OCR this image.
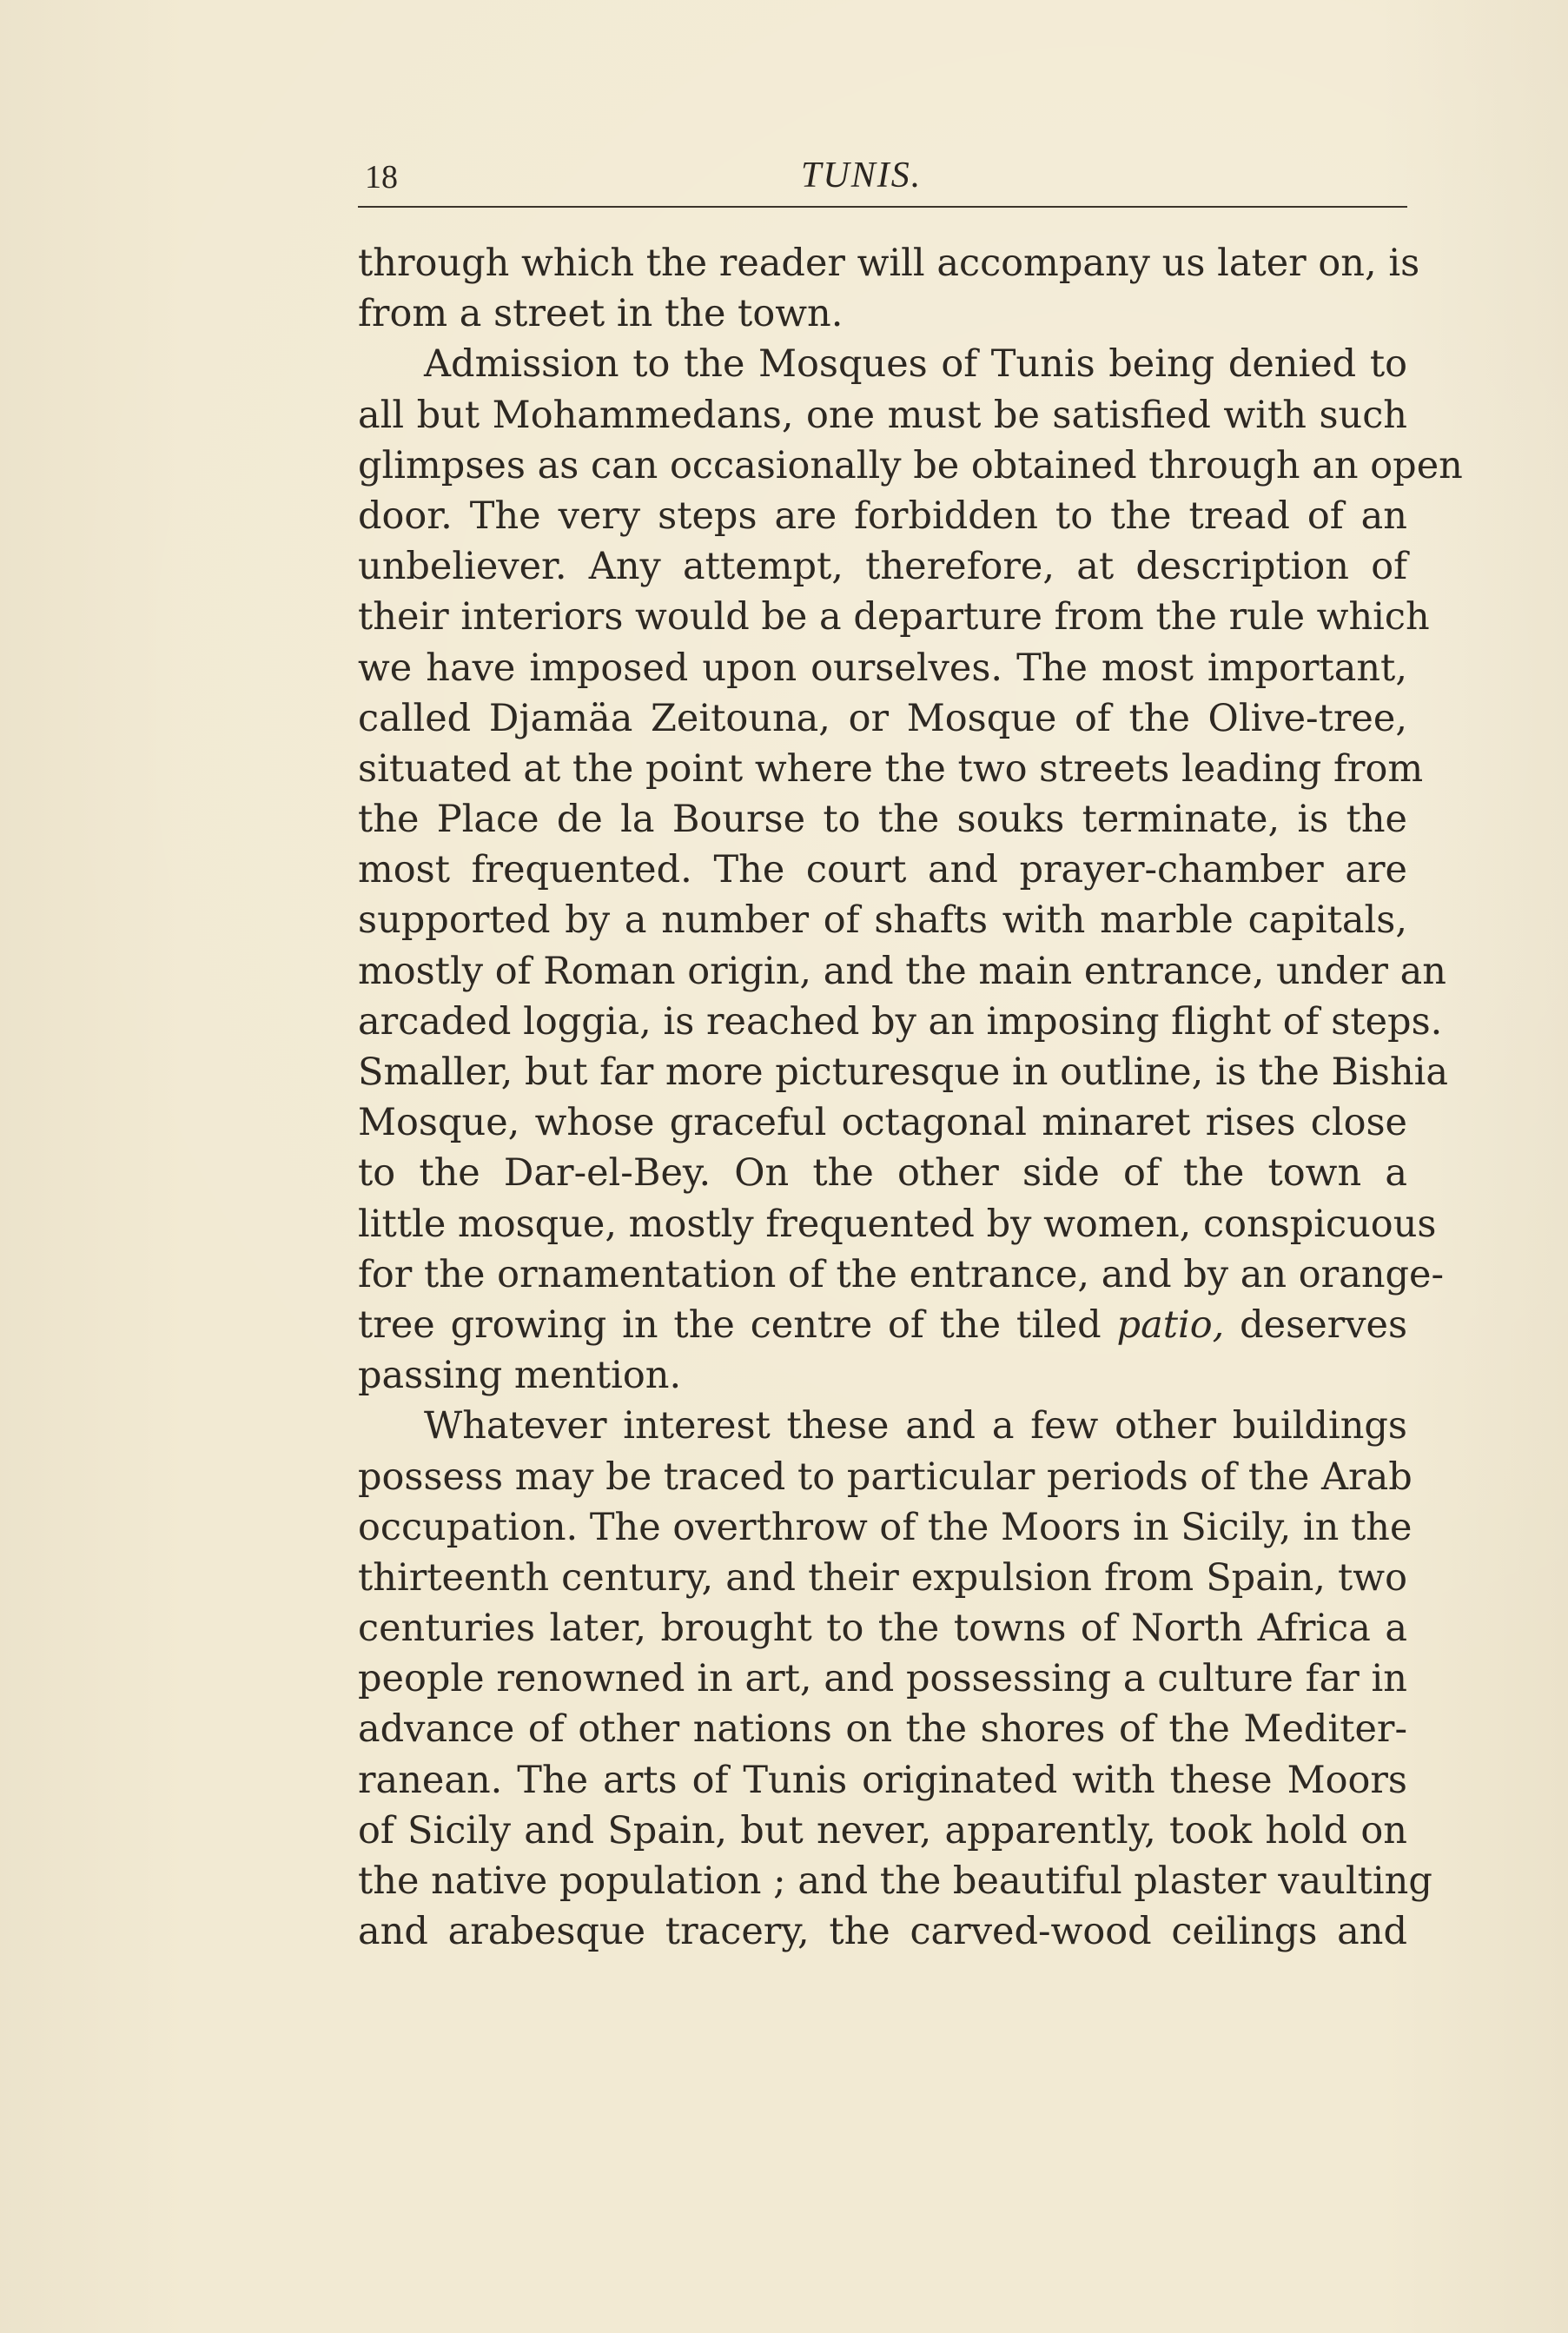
18	TUNIS.
through which the reader will accompany us later on, is
from a street in the town.
Admission to the Mosques of Tunis being denied to
all but Mohammedans, one must be satisfied with such
glimpses as can occasionally be obtained through an open
door. The very steps are forbidden to the tread of an
unbeliever. Any attempt, therefore, at description of
their interiors would be a departure from the rule which
we have imposed upon ourselves. The most important,
called Djamäa Zeitouna, or Mosque of the Olive-tree,
situated at the point where the two streets leading from
the Place de la Bourse to the souks terminate, is the
most frequented. The court and prayer-chamber are
supported by a number of shafts with marble capitals,
mostly of Roman origin, and the main entrance, under an
arcaded loggia, is reached by an imposing flight of steps.
Smaller, but far more picturesque in outline, is the Bishia
Mosque, whose graceful octagonal minaret rises close
to the Dar-el-Bey. On the other side of the town a
little mosque, mostly frequented by women, conspicuous
for the ornamentation of the entrance, and by an orange-
tree growing in the centre of the tiled patio, deserves
passing mention.
Whatever interest these and a few other buildings
possess may be traced to particular periods of the Arab
occupation. The overthrow of the Moors in Sicily, in the
thirteenth century, and their expulsion from Spain, two
centuries later, brought to the towns of North Africa a
people renowned in art, and possessing a culture far in
advance of other nations on the shores of the Mediter-
ranean. The arts of Tunis originated with these Moors
of Sicily and Spain, but never, apparently, took hold on
the native population ; and the beautiful plaster vaulting
and arabesque tracery, the carved-wood ceilings and
